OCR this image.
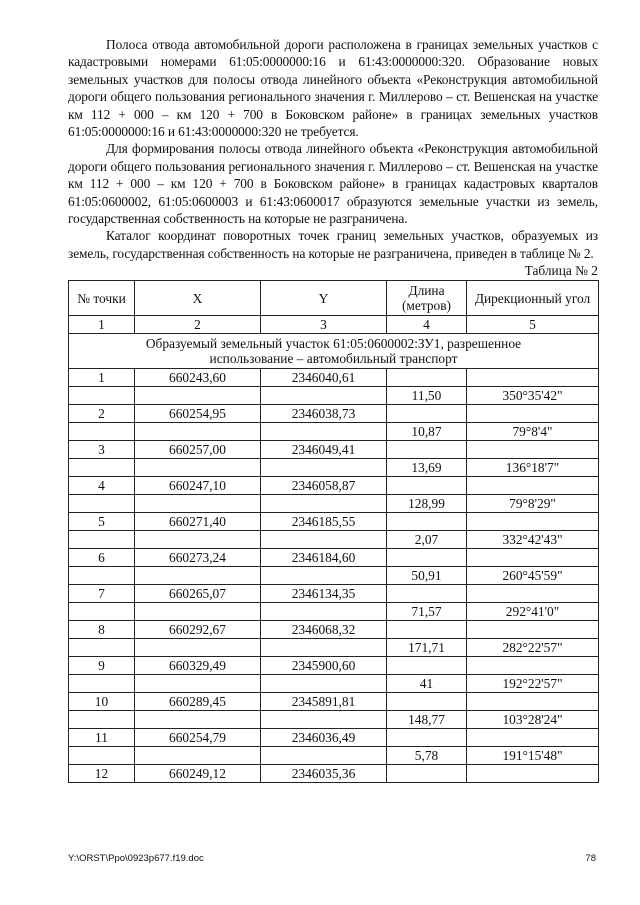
Полоса отвода автомобильной дороги расположена в границах земельных участков с кадастровыми номерами 61:05:0000000:16 и 61:43:0000000:320. Образование новых земельных участков для полосы отвода линейного объекта «Реконструкция автомобильной дороги общего пользования регионального значения г. Миллерово – ст. Вешенская на участке км 112 + 000 – км 120 + 700 в Боковском районе» в границах земельных участков 61:05:0000000:16 и 61:43:0000000:320 не требуется.

Для формирования полосы отвода линейного объекта «Реконструкция автомобильной дороги общего пользования регионального значения г. Миллерово – ст. Вешенская на участке км 112 + 000 – км 120 + 700 в Боковском районе» в границах кадастровых кварталов 61:05:0600002, 61:05:0600003 и 61:43:0600017 образуются земельные участки из земель, государственная собственность на которые не разграничена.

Каталог координат поворотных точек границ земельных участков, образуемых из земель, государственная собственность на которые не разграничена, приведен в таблице № 2.

Таблица № 2
№ точки	X	Y	Длина (метров)	Дирекционный угол
1	2	3	4	5
Образуемый земельный участок 61:05:0600002:ЗУ1, разрешенное использование – автомобильный транспорт				
1	660243,60	2346040,61		
			11,50	350°35'42"
2	660254,95	2346038,73		
			10,87	79°8'4"
3	660257,00	2346049,41		
			13,69	136°18'7"
4	660247,10	2346058,87		
			128,99	79°8'29"
5	660271,40	2346185,55		
			2,07	332°42'43"
6	660273,24	2346184,60		
			50,91	260°45'59"
7	660265,07	2346134,35		
			71,57	292°41'0"
8	660292,67	2346068,32		
			171,71	282°22'57"
9	660329,49	2345900,60		
			41	192°22'57"
10	660289,45	2345891,81		
			148,77	103°28'24"
11	660254,79	2346036,49		
			5,78	191°15'48"
12	660249,12	2346035,36		
Y:\ORST\Ppo\0923p677.f19.doc	78
